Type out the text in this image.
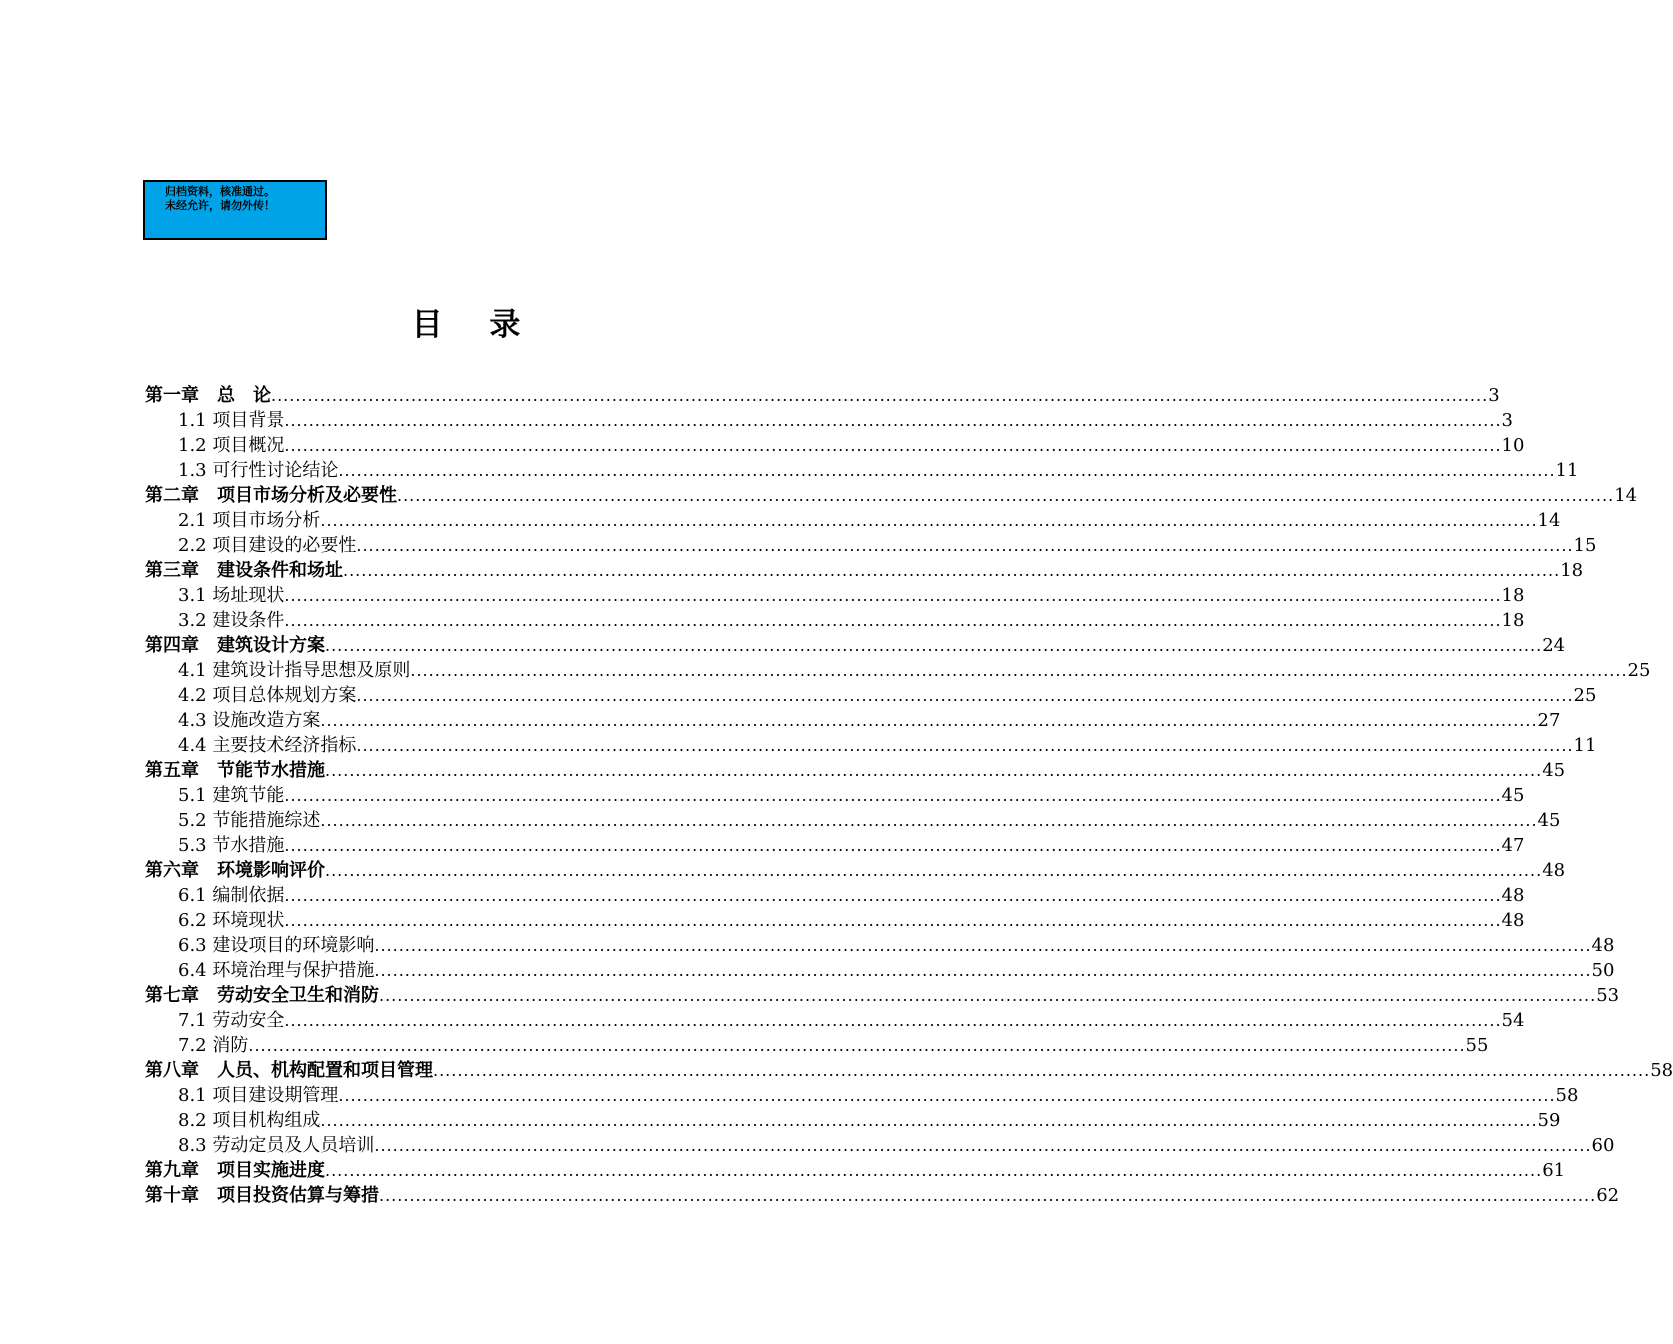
归档资料，核准通过。
未经允许，请勿外传！
目 录
第一章　总　论 ........................................................................................................................................................................................................ 3
1.1 项目背景 ........................................................................................................................................................................................................ 3
1.2 项目概况 ........................................................................................................................................................................................................ 10
1.3 可行性讨论结论 ........................................................................................................................................................................................................ 11
第二章　项目市场分析及必要性 ........................................................................................................................................................................................................ 14
2.1 项目市场分析 ........................................................................................................................................................................................................ 14
2.2 项目建设的必要性 ........................................................................................................................................................................................................ 15
第三章　建设条件和场址 ........................................................................................................................................................................................................ 18
3.1 场址现状 ........................................................................................................................................................................................................ 18
3.2 建设条件 ........................................................................................................................................................................................................ 18
第四章　建筑设计方案 ........................................................................................................................................................................................................ 24
4.1 建筑设计指导思想及原则 ........................................................................................................................................................................................................ 25
4.2 项目总体规划方案 ........................................................................................................................................................................................................ 25
4.3 设施改造方案 ........................................................................................................................................................................................................ 27
4.4 主要技术经济指标 ........................................................................................................................................................................................................ 11
第五章　节能节水措施 ........................................................................................................................................................................................................ 45
5.1 建筑节能 ........................................................................................................................................................................................................ 45
5.2 节能措施综述 ........................................................................................................................................................................................................ 45
5.3 节水措施 ........................................................................................................................................................................................................ 47
第六章　环境影响评价 ........................................................................................................................................................................................................ 48
6.1 编制依据 ........................................................................................................................................................................................................ 48
6.2 环境现状 ........................................................................................................................................................................................................ 48
6.3 建设项目的环境影响 ........................................................................................................................................................................................................ 48
6.4 环境治理与保护措施 ........................................................................................................................................................................................................ 50
第七章　劳动安全卫生和消防 ........................................................................................................................................................................................................ 53
7.1 劳动安全 ........................................................................................................................................................................................................ 54
7.2 消防 ........................................................................................................................................................................................................ 55
第八章　人员、机构配置和项目管理 ........................................................................................................................................................................................................ 58
8.1 项目建设期管理 ........................................................................................................................................................................................................ 58
8.2 项目机构组成 ........................................................................................................................................................................................................ 59
8.3 劳动定员及人员培训 ........................................................................................................................................................................................................ 60
第九章　项目实施进度 ........................................................................................................................................................................................................ 61
第十章　项目投资估算与筹措 ........................................................................................................................................................................................................ 62
